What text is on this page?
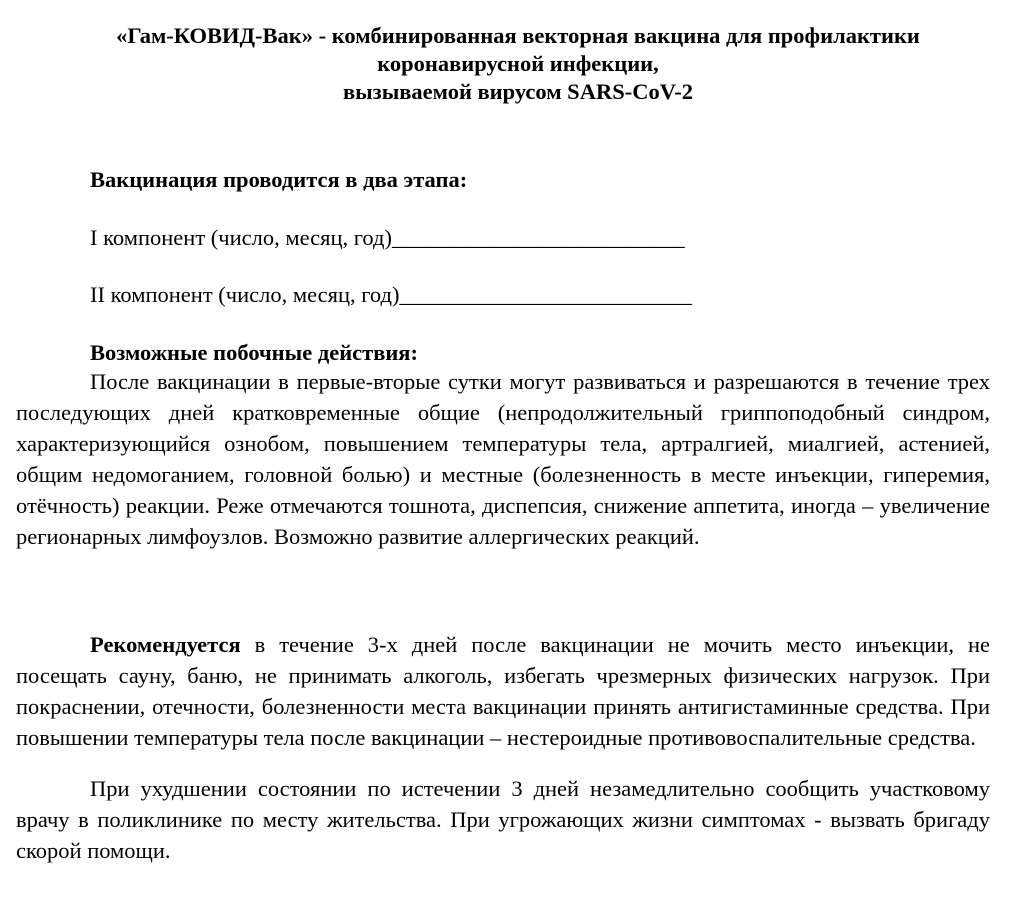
«Гам-КОВИД-Вак» - комбинированная векторная вакцина для профилактики
коронавирусной инфекции,
вызываемой вирусом SARS-CoV-2
Вакцинация проводится в два этапа:
I компонент (число, месяц, год)__________________________
II компонент (число, месяц, год)__________________________
Возможные побочные действия:
После вакцинации в первые-вторые сутки могут развиваться и разрешаются в течение трех последующих дней кратковременные общие (непродолжительный гриппоподобный синдром, характеризующийся ознобом, повышением температуры тела, артралгией, миалгией, астенией, общим недомоганием, головной болью) и местные (болезненность в месте инъекции, гиперемия, отёчность) реакции. Реже отмечаются тошнота, диспепсия, снижение аппетита, иногда – увеличение регионарных лимфоузлов. Возможно развитие аллергических реакций.
Рекомендуется в течение 3-х дней после вакцинации не мочить место инъекции, не посещать сауну, баню, не принимать алкоголь, избегать чрезмерных физических нагрузок. При покраснении, отечности, болезненности места вакцинации принять антигистаминные средства. При повышении температуры тела после вакцинации – нестероидные противовоспалительные средства.
При ухудшении состоянии по истечении 3 дней незамедлительно сообщить участковому врачу в поликлинике по месту жительства. При угрожающих жизни симптомах - вызвать бригаду скорой помощи.
